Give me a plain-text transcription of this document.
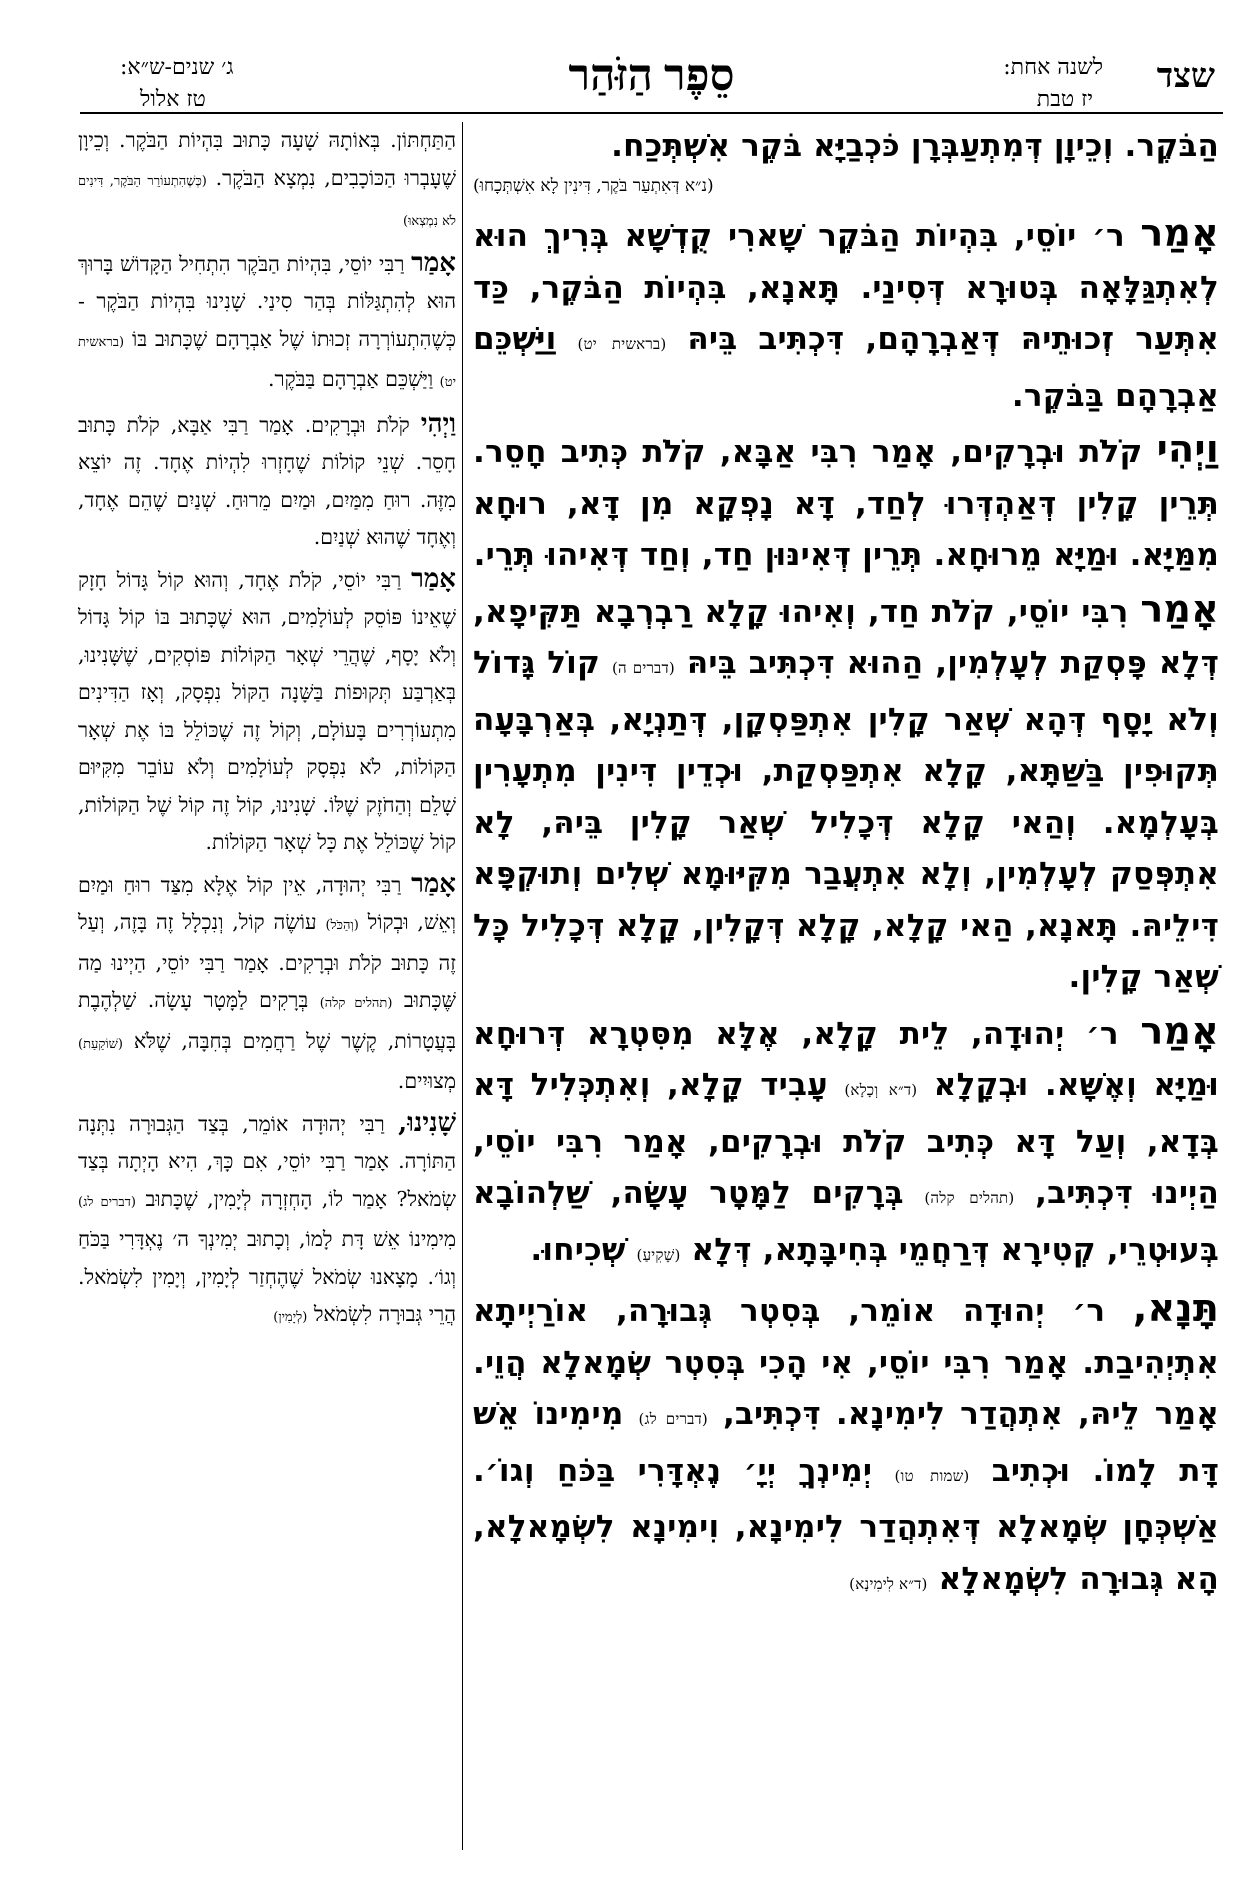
שצד
לשנה אחת:
יז טבת
סֵפֶר הַזֹּהַר
ג׳ שנים-ש״א:
טז אלול

הַבֹּקֶר. וְכֵיוָן דְּמִתְעַבְּרָן כֹּכְבַיָּא בֹּקֶר אִשְׁתְּכַח.

(נ״א דְּאִתְעַר בֹּקֶר, דִּינִין לָא אִשְׁתְּכָחוּ)

אָמַר ר׳ יוֹסֵי, בִּהְיוֹת הַבֹּקֶר שָׁארִי קֻדְשָׁא בְּרִיךְ הוּא לְאִתְגַּלָּאָה בְּטוּרָא דְּסִינַי. תָּאנָא, בִּהְיוֹת הַבֹּקֶר, כַּד אִתְּעַר זְכוּתֵיהּ דְּאַבְרָהָם, דִּכְתִּיב בֵּיהּ (בראשית יט) וַיַּשְׁכֵּם אַבְרָהָם בַּבֹּקֶר.

וַיְהִי קֹלֹת וּבְרָקִים, אָמַר רִבִּי אַבָּא, קֹלֹת כְּתִיב חָסֵר. תְּרֵין קָלִין דְּאַהְדְּרוּ לְחַד, דָּא נָפְקָא מִן דָּא, רוּחָא מִמַּיָּא. וּמַיָּא מֵרוּחָא. תְּרֵין דְּאִינּוּן חַד, וְחַד דְּאִיהוּ תְּרֵי.

אָמַר רִבִּי יוֹסֵי, קֹלֹת חַד, וְאִיהוּ קָלָא רַבְרְבָא תַּקִּיפָא, דְּלָא פָּסְקַת לְעָלְמִין, הַהוּא דִּכְתִּיב בֵּיהּ (דברים ה) קוֹל גָּדוֹל וְלֹא יָסָף דְּהָא שְׁאַר קָלִין אִתְפַּסְקָן, דְּתַנְיָא, בְּאַרְבָּעָה תְּקוּפִין בַּשַּׁתָּא, קָלָא אִתְפַּסְקַת, וּכְדֵין דִּינִין מִתְעָרִין בְּעָלְמָא. וְהַאי קָלָא דְּכָלִיל שְׁאַר קָלִין בֵּיהּ, לָא אִתְפְּסַק לְעָלְמִין, וְלָא אִתְעֲבַר מִקִּיּוּמָא שְׁלִים וְתוּקְפָּא דִּילֵיהּ. תָּאנָא, הַאי קָלָא, קָלָא דְּקָלִין, קָלָא דְּכָלִיל כָּל שְׁאַר קָלִין.

אָמַר ר׳ יְהוּדָה, לֵית קָלָא, אֶלָּא מִסִּטְרָא דְּרוּחָא וּמַיָּא וְאֶשָּׁא. וּבְקָלָא (ד״א וְכָלָא) עָבִיד קָלָא, וְאִתְכְּלִיל דָּא בְּדָא, וְעַל דָּא כְּתִיב קֹלֹת וּבְרָקִים, אָמַר רִבִּי יוֹסֵי, הַיְינוּ דִּכְתִּיב, (תהלים קלה) בְּרָקִים לַמָּטָר עָשָׂה, שַׁלְהוֹבָא בְּעוּטְרֵי, קְטִירָא דְּרַחֲמֵי בְּחִיבָּתָא, דְּלָא (שָׁקִיעַ) שְׁכִיחוּ.

תָּנָא, ר׳ יְהוּדָה אוֹמֵר, בְּסִטְר גְּבוּרָה, אוֹרַיְיתָא אִתְיְהִיבַת. אָמַר רִבִּי יוֹסֵי, אִי הָכִי בְּסִטְר שְׂמָאלָא הֲוֵי. אָמַר לֵיהּ, אִתְהֲדַר לִימִינָא. דִּכְתִּיב, (דברים לג) מִימִינוֹ אֵשׁ דָּת לָמוֹ. וּכְתִיב (שמות טו) יְמִינְךָ יְיָ׳ נֶאְדָּרִי בַּכֹּחַ וְגוֹ׳. אַשְׁכְּחָן שְׂמָאלָא דְּאִתְהֲדַר לִימִינָא, וִימִינָא לִשְׂמָאלָא, הָא גְּבוּרָה לִשְׂמָאלָא (ד״א לִימִינָא)

הַתַּחְתּוֹן. בְּאוֹתָהּ שָׁעָה כָּתוּב בִּהְיוֹת הַבֹּקֶר. וְכֵיוָן שֶׁעָבְרוּ הַכּוֹכָבִים, נִמְצָא הַבֹּקֶר. (כְּשֶׁהִתְעוֹרֵר הַבֹּקֶר, דִּינִים לֹא נִמְצְאוּ)

אָמַר רַבִּי יוֹסֵי, בִּהְיוֹת הַבֹּקֶר הִתְחִיל הַקָּדוֹשׁ בָּרוּךְ הוּא לְהִתְגַּלּוֹת בְּהַר סִינַי. שָׁנִינוּ בִּהְיוֹת הַבֹּקֶר - כְּשֶׁהִתְעוֹרְרָה זְכוּתוֹ שֶׁל אַבְרָהָם שֶׁכָּתוּב בּוֹ (בראשית יט) וַיַּשְׁכֵּם אַבְרָהָם בַּבֹּקֶר.

וַיְהִי קֹלֹת וּבְרָקִים. אָמַר רַבִּי אַבָּא, קֹלֹת כָּתוּב חָסֵר. שְׁנֵי קוֹלוֹת שֶׁחָזְרוּ לִהְיוֹת אֶחָד. זֶה יוֹצֵא מִזֶּה. רוּחַ מִמַּיִם, וּמַיִם מֵרוּחַ. שְׁנַיִם שֶׁהֵם אֶחָד, וְאֶחָד שֶׁהוּא שְׁנַיִם.

אָמַר רַבִּי יוֹסֵי, קֹלֹת אֶחָד, וְהוּא קוֹל גָּדוֹל חָזָק שֶׁאֵינוֹ פּוֹסֵק לְעוֹלָמִים, הוּא שֶׁכָּתוּב בּוֹ קוֹל גָּדוֹל וְלֹא יָסָף, שֶׁהֲרֵי שְׁאָר הַקּוֹלוֹת פּוֹסְקִים, שֶׁשָּׁנִינוּ, בְּאַרְבַּע תְּקוּפוֹת בַּשָּׁנָה הַקּוֹל נִפְסָק, וְאָז הַדִּינִים מִתְעוֹרְרִים בָּעוֹלָם, וְקוֹל זֶה שֶׁכּוֹלֵל בּוֹ אֶת שְׁאָר הַקּוֹלוֹת, לֹא נִפְסָק לְעוֹלָמִים וְלֹא עוֹבֵר מִקִּיּוּם שָׁלֵם וְהַחֹזֶק שֶׁלּוֹ. שָׁנִינוּ, קוֹל זֶה קוֹל שֶׁל הַקּוֹלוֹת, קוֹל שֶׁכּוֹלֵל אֶת כָּל שְׁאָר הַקּוֹלוֹת.

אָמַר רַבִּי יְהוּדָה, אֵין קוֹל אֶלָּא מִצַּד רוּחַ וּמַיִם וְאֵשׁ, וּבְקוֹל (וְהַכֹּל) עוֹשֶׂה קוֹל, וְנִכְלָל זֶה בָּזֶה, וְעַל זֶה כָּתוּב קֹלֹת וּבְרָקִים. אָמַר רַבִּי יוֹסֵי, הַיְינוּ מַה שֶּׁכָּתוּב (תהלים קלה) בְּרָקִים לַמָּטָר עָשָׂה. שַׁלְהֶבֶת בָּעֲטָרוֹת, קֶשֶׁר שֶׁל רַחֲמִים בְּחִבָּה, שֶׁלֹּא (שׁוֹקַעַת) מְצוּיִים.

שָׁנִינוּ, רַבִּי יְהוּדָה אוֹמֵר, בְּצַד הַגְּבוּרָה נִתְּנָה הַתּוֹרָה. אָמַר רַבִּי יוֹסֵי, אִם כָּךְ, הִיא הָיְתָה בְּצַד שְׂמֹאל? אָמַר לוֹ, הָחְזְרָה לְיָמִין, שֶׁכָּתוּב (דברים לג) מִימִינוֹ אֵשׁ דָּת לָמוֹ, וְכָתוּב יְמִינְךָ ה׳ נֶאְדָּרִי בַּכֹּחַ וְגוֹ׳. מָצָאנוּ שְׂמֹאל שֶׁהֶחְזַר לְיָמִין, וְיָמִין לִשְׂמֹאל. הֲרֵי גְּבוּרָה לִשְׂמֹאל (לְיָמִין)
